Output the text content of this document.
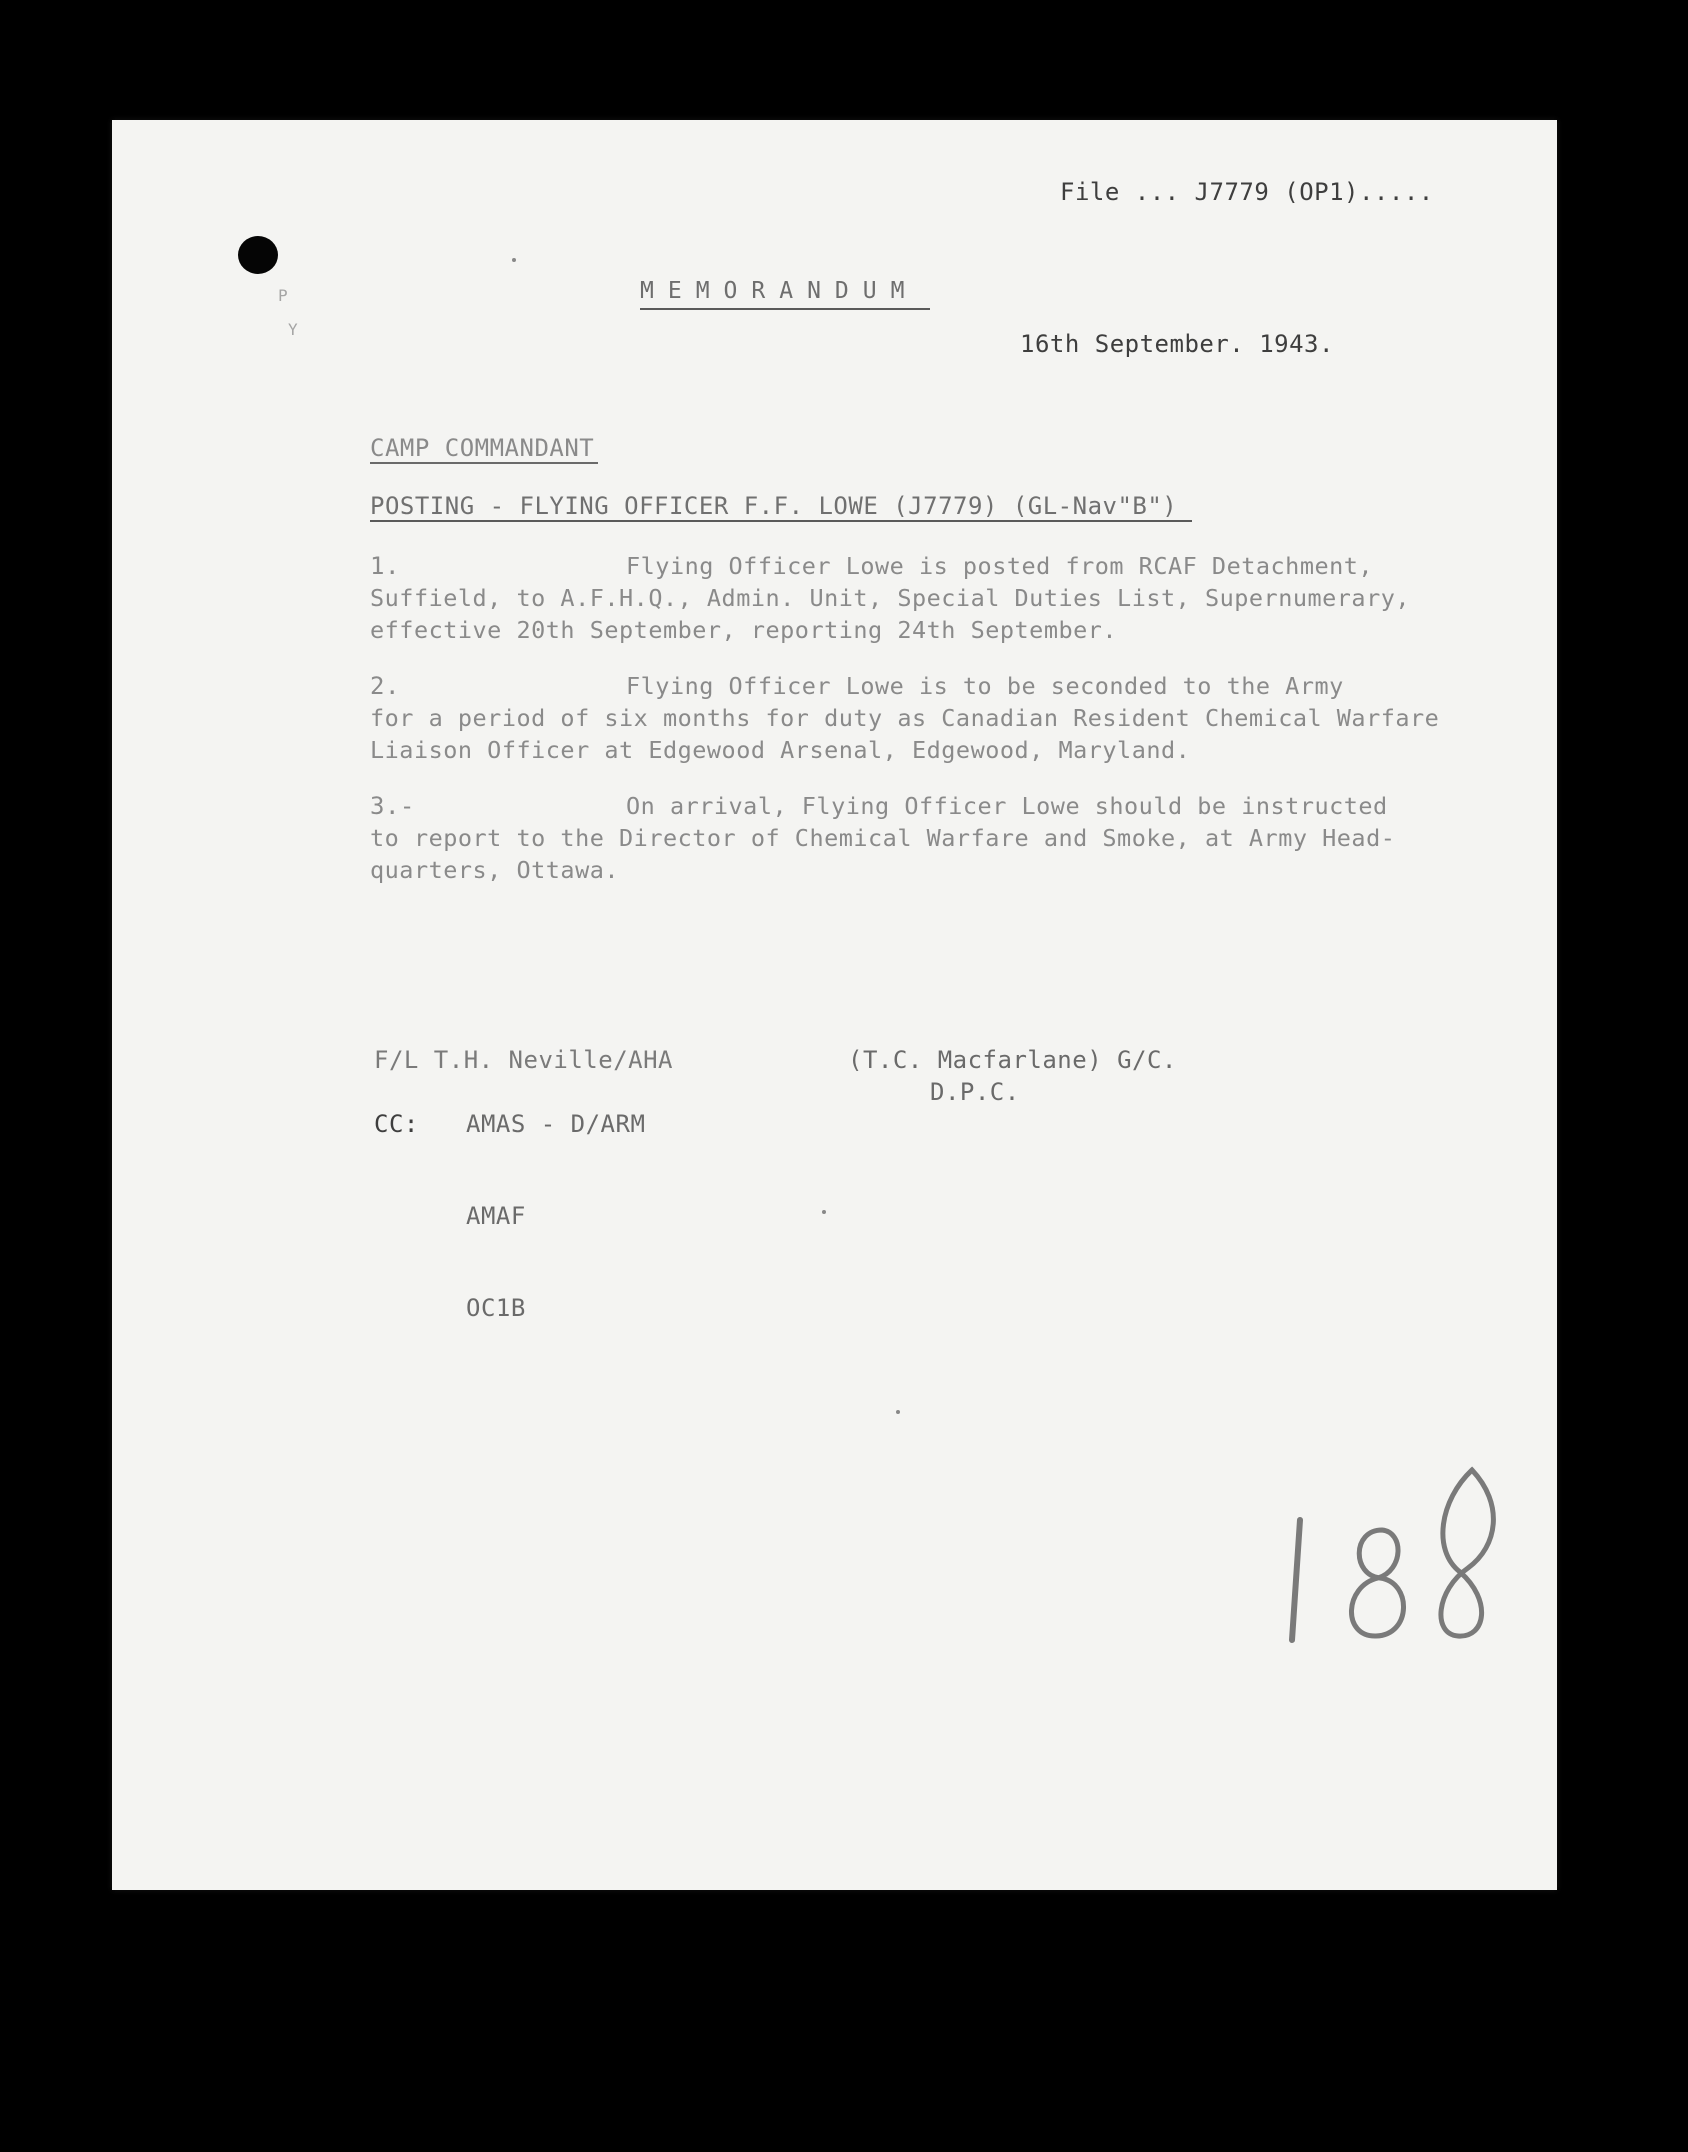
File ... J7779 (OP1).....
P
Y
MEMORANDUM
16th September. 1943.
CAMP COMMANDANT
POSTING - FLYING OFFICER F.F. LOWE (J7779) (GL-Nav"B")
1.	Flying Officer Lowe is posted from RCAF Detachment,
Suffield, to A.F.H.Q., Admin. Unit, Special Duties List, Supernumerary,
effective 20th September, reporting 24th September.
2.	Flying Officer Lowe is to be seconded to the Army
for a period of six months for duty as Canadian Resident Chemical Warfare
Liaison Officer at Edgewood Arsenal, Edgewood, Maryland.
3.-	On arrival, Flying Officer Lowe should be instructed
to report to the Director of Chemical Warfare and Smoke, at Army Head-
quarters, Ottawa.
F/L T.H. Neville/AHA	(T.C. Macfarlane) G/C.
D.P.C.
CC: AMAS - D/ARM
AMAF
OC1B
